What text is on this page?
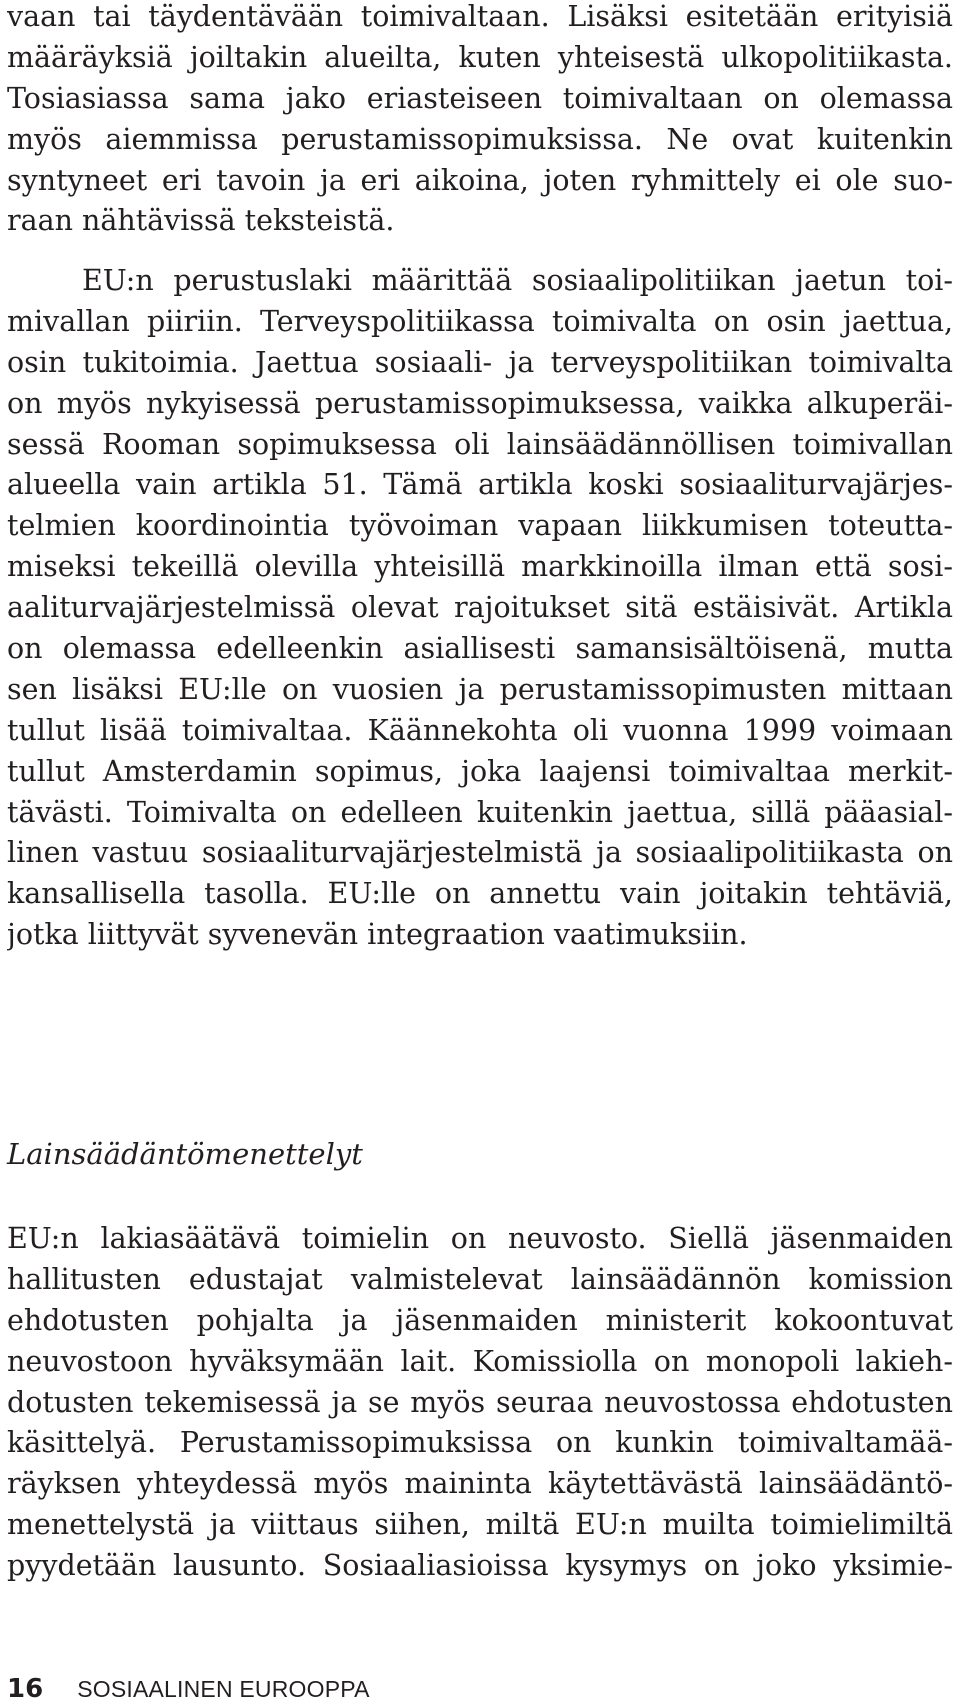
vaan tai täydentävään toimivaltaan. Lisäksi esitetään erityisiä
määräyksiä joiltakin alueilta, kuten yhteisestä ulkopolitiikasta.
Tosiasiassa sama jako eriasteiseen toimivaltaan on olemassa
myös aiemmissa perustamissopimuksissa. Ne ovat kuitenkin
syntyneet eri tavoin ja eri aikoina, joten ryhmittely ei ole suo-
raan nähtävissä teksteistä.
EU:n perustuslaki määrittää sosiaalipolitiikan jaetun toi-
mivallan piiriin. Terveyspolitiikassa toimivalta on osin jaettua,
osin tukitoimia. Jaettua sosiaali- ja terveyspolitiikan toimivalta
on myös nykyisessä perustamissopimuksessa, vaikka alkuperäi-
sessä Rooman sopimuksessa oli lainsäädännöllisen toimivallan
alueella vain artikla 51. Tämä artikla koski sosiaaliturvajärjes-
telmien koordinointia työvoiman vapaan liikkumisen toteutta-
miseksi tekeillä olevilla yhteisillä markkinoilla ilman että sosi-
aaliturvajärjestelmissä olevat rajoitukset sitä estäisivät. Artikla
on olemassa edelleenkin asiallisesti samansisältöisenä, mutta
sen lisäksi EU:lle on vuosien ja perustamissopimusten mittaan
tullut lisää toimivaltaa. Käännekohta oli vuonna 1999 voimaan
tullut Amsterdamin sopimus, joka laajensi toimivaltaa merkit-
tävästi. Toimivalta on edelleen kuitenkin jaettua, sillä pääasial-
linen vastuu sosiaaliturvajärjestelmistä ja sosiaalipolitiikasta on
kansallisella tasolla. EU:lle on annettu vain joitakin tehtäviä,
jotka liittyvät syvenevän integraation vaatimuksiin.
Lainsäädäntömenettelyt
EU:n lakiasäätävä toimielin on neuvosto. Siellä jäsenmaiden
hallitusten edustajat valmistelevat lainsäädännön komission
ehdotusten pohjalta ja jäsenmaiden ministerit kokoontuvat
neuvostoon hyväksymään lait. Komissiolla on monopoli lakieh-
dotusten tekemisessä ja se myös seuraa neuvostossa ehdotusten
käsittelyä. Perustamissopimuksissa on kunkin toimivaltamää-
räyksen yhteydessä myös maininta käytettävästä lainsäädäntö-
menettelystä ja viittaus siihen, miltä EU:n muilta toimielimiltä
pyydetään lausunto. Sosiaaliasioissa kysymys on joko yksimie-
16 SOSIAALINEN EUROOPPA
